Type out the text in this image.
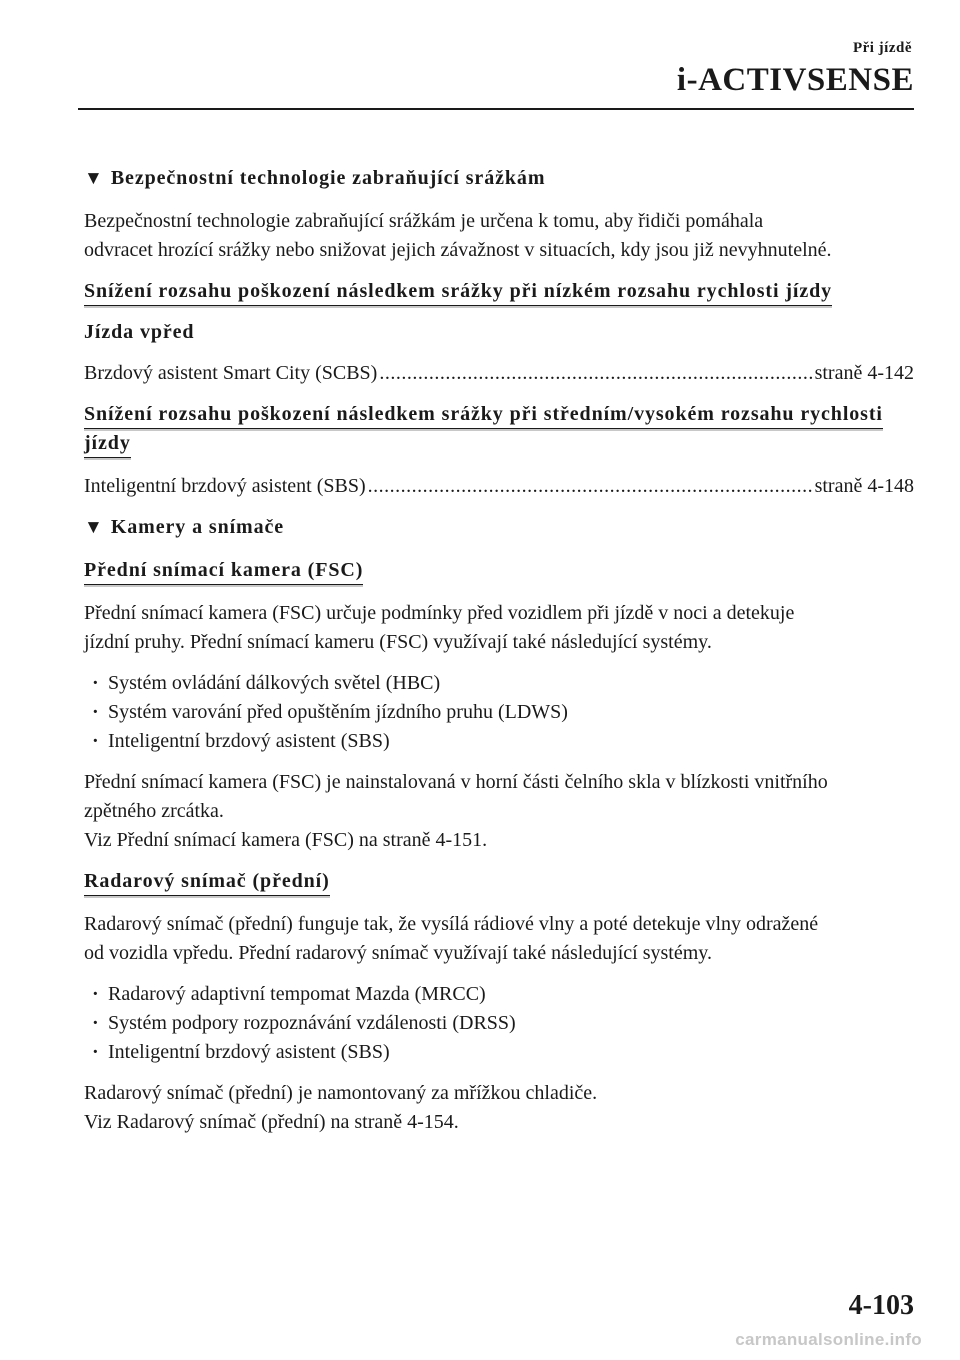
Při jízdě
i-ACTIVSENSE
▼ Bezpečnostní technologie zabraňující srážkám
Bezpečnostní technologie zabraňující srážkám je určena k tomu, aby řidiči pomáhala
odvracet hrozící srážky nebo snižovat jejich závažnost v situacích, kdy jsou již nevyhnutelné.
Snížení rozsahu poškození následkem srážky při nízkém rozsahu rychlosti jízdy
Jízda vpřed
Brzdový asistent Smart City (SCBS) .....	straně 4-142
Snížení rozsahu poškození následkem srážky při středním/vysokém rozsahu rychlosti
jízdy
Inteligentní brzdový asistent (SBS) .....	straně 4-148
▼ Kamery a snímače
Přední snímací kamera (FSC)
Přední snímací kamera (FSC) určuje podmínky před vozidlem při jízdě v noci a detekuje
jízdní pruhy. Přední snímací kameru (FSC) využívají také následující systémy.
· Systém ovládání dálkových světel (HBC)
· Systém varování před opuštěním jízdního pruhu (LDWS)
· Inteligentní brzdový asistent (SBS)
Přední snímací kamera (FSC) je nainstalovaná v horní části čelního skla v blízkosti vnitřního
zpětného zrcátka.
Viz Přední snímací kamera (FSC) na straně 4-151.
Radarový snímač (přední)
Radarový snímač (přední) funguje tak, že vysílá rádiové vlny a poté detekuje vlny odražené
od vozidla vpředu. Přední radarový snímač využívají také následující systémy.
· Radarový adaptivní tempomat Mazda (MRCC)
· Systém podpory rozpoznávání vzdálenosti (DRSS)
· Inteligentní brzdový asistent (SBS)
Radarový snímač (přední) je namontovaný za mřížkou chladiče.
Viz Radarový snímač (přední) na straně 4-154.
4-103
carmanualsonline.info
